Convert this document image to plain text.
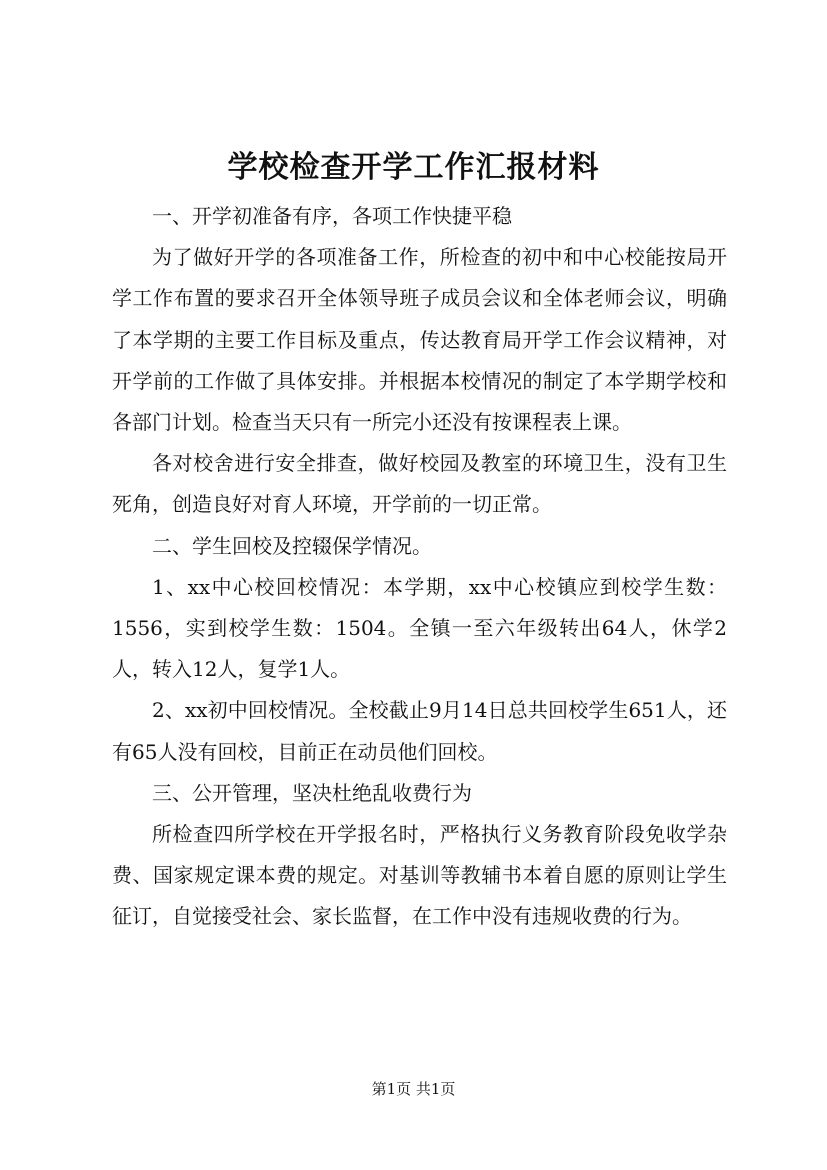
学校检查开学工作汇报材料

一、开学初准备有序，各项工作快捷平稳

为了做好开学的各项准备工作，所检查的初中和中心校能按局开学工作布置的要求召开全体领导班子成员会议和全体老师会议，明确了本学期的主要工作目标及重点，传达教育局开学工作会议精神，对开学前的工作做了具体安排。并根据本校情况的制定了本学期学校和各部门计划。检查当天只有一所完小还没有按课程表上课。

各对校舍进行安全排查，做好校园及教室的环境卫生，没有卫生死角，创造良好对育人环境，开学前的一切正常。

二、学生回校及控辍保学情况。

1、xx中心校回校情况：本学期，xx中心校镇应到校学生数：1556，实到校学生数：1504。全镇一至六年级转出64人，休学2人，转入12人，复学1人。

2、xx初中回校情况。全校截止9月14日总共回校学生651人，还有65人没有回校，目前正在动员他们回校。

三、公开管理，坚决杜绝乱收费行为

所检查四所学校在开学报名时，严格执行义务教育阶段免收学杂费、国家规定课本费的规定。对基训等教辅书本着自愿的原则让学生征订，自觉接受社会、家长监督，在工作中没有违规收费的行为。

第1页 共1页
